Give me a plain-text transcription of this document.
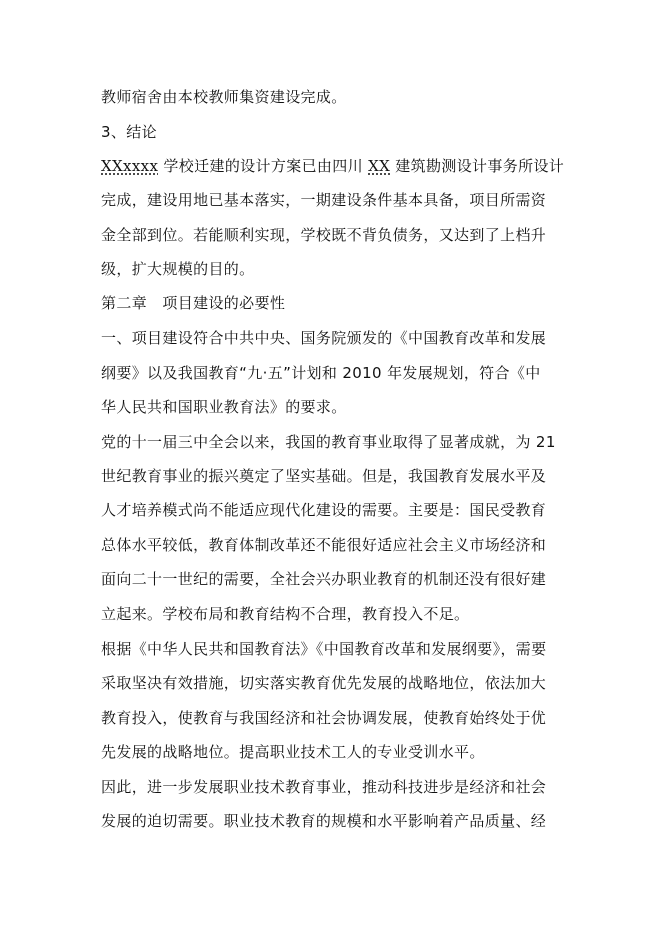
教师宿舍由本校教师集资建设完成。
3、结论
XXxxxx 学校迁建的设计方案已由四川 XX 建筑勘测设计事务所设计
完成，建设用地已基本落实，一期建设条件基本具备，项目所需资
金全部到位。若能顺利实现，学校既不背负债务，又达到了上档升
级，扩大规模的目的。
第二章　项目建设的必要性
一、项目建设符合中共中央、国务院颁发的《中国教育改革和发展
纲要》以及我国教育“九·五”计划和 2010 年发展规划，符合《中
华人民共和国职业教育法》的要求。
党的十一届三中全会以来，我国的教育事业取得了显著成就，为 21
世纪教育事业的振兴奠定了坚实基础。但是，我国教育发展水平及
人才培养模式尚不能适应现代化建设的需要。主要是：国民受教育
总体水平较低，教育体制改革还不能很好适应社会主义市场经济和
面向二十一世纪的需要，全社会兴办职业教育的机制还没有很好建
立起来。学校布局和教育结构不合理，教育投入不足。
根据《中华人民共和国教育法》《中国教育改革和发展纲要》，需要
采取坚决有效措施，切实落实教育优先发展的战略地位，依法加大
教育投入，使教育与我国经济和社会协调发展，使教育始终处于优
先发展的战略地位。提高职业技术工人的专业受训水平。
因此，进一步发展职业技术教育事业，推动科技进步是经济和社会
发展的迫切需要。职业技术教育的规模和水平影响着产品质量、经
